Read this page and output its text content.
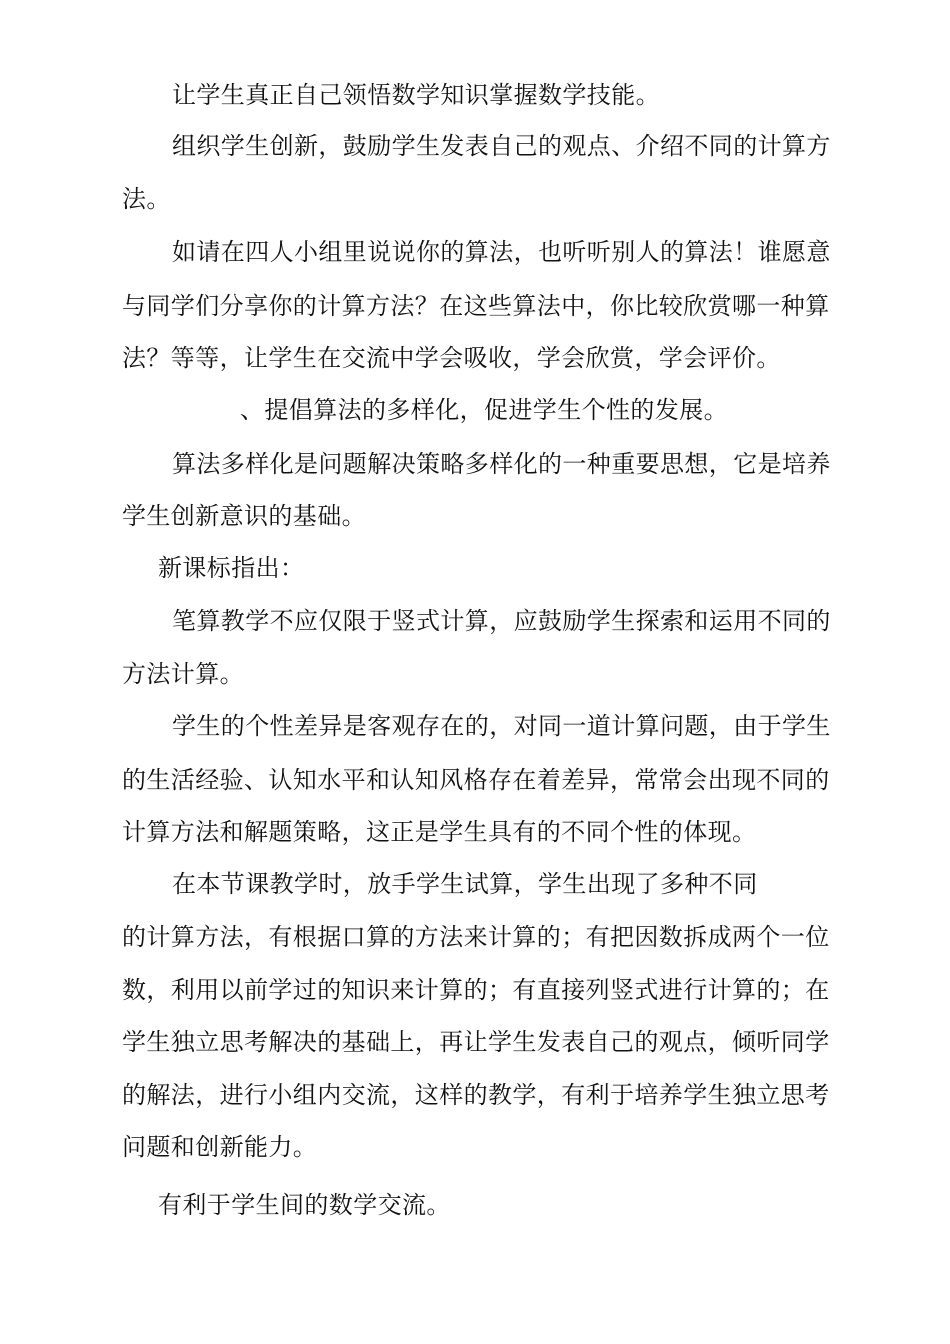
让学生真正自己领悟数学知识掌握数学技能。
组织学生创新，鼓励学生发表自己的观点、介绍不同的计算方
法。
如请在四人小组里说说你的算法，也听听别人的算法！谁愿意
与同学们分享你的计算方法？在这些算法中，你比较欣赏哪一种算
法？等等，让学生在交流中学会吸收，学会欣赏，学会评价。
、提倡算法的多样化，促进学生个性的发展。
算法多样化是问题解决策略多样化的一种重要思想，它是培养
学生创新意识的基础。
新课标指出：
笔算教学不应仅限于竖式计算，应鼓励学生探索和运用不同的
方法计算。
学生的个性差异是客观存在的，对同一道计算问题，由于学生
的生活经验、认知水平和认知风格存在着差异，常常会出现不同的
计算方法和解题策略，这正是学生具有的不同个性的体现。
在本节课教学时，放手学生试算，学生出现了多种不同
的计算方法，有根据口算的方法来计算的；有把因数拆成两个一位
数，利用以前学过的知识来计算的；有直接列竖式进行计算的；在
学生独立思考解决的基础上，再让学生发表自己的观点，倾听同学
的解法，进行小组内交流，这样的教学，有利于培养学生独立思考
问题和创新能力。
有利于学生间的数学交流。
